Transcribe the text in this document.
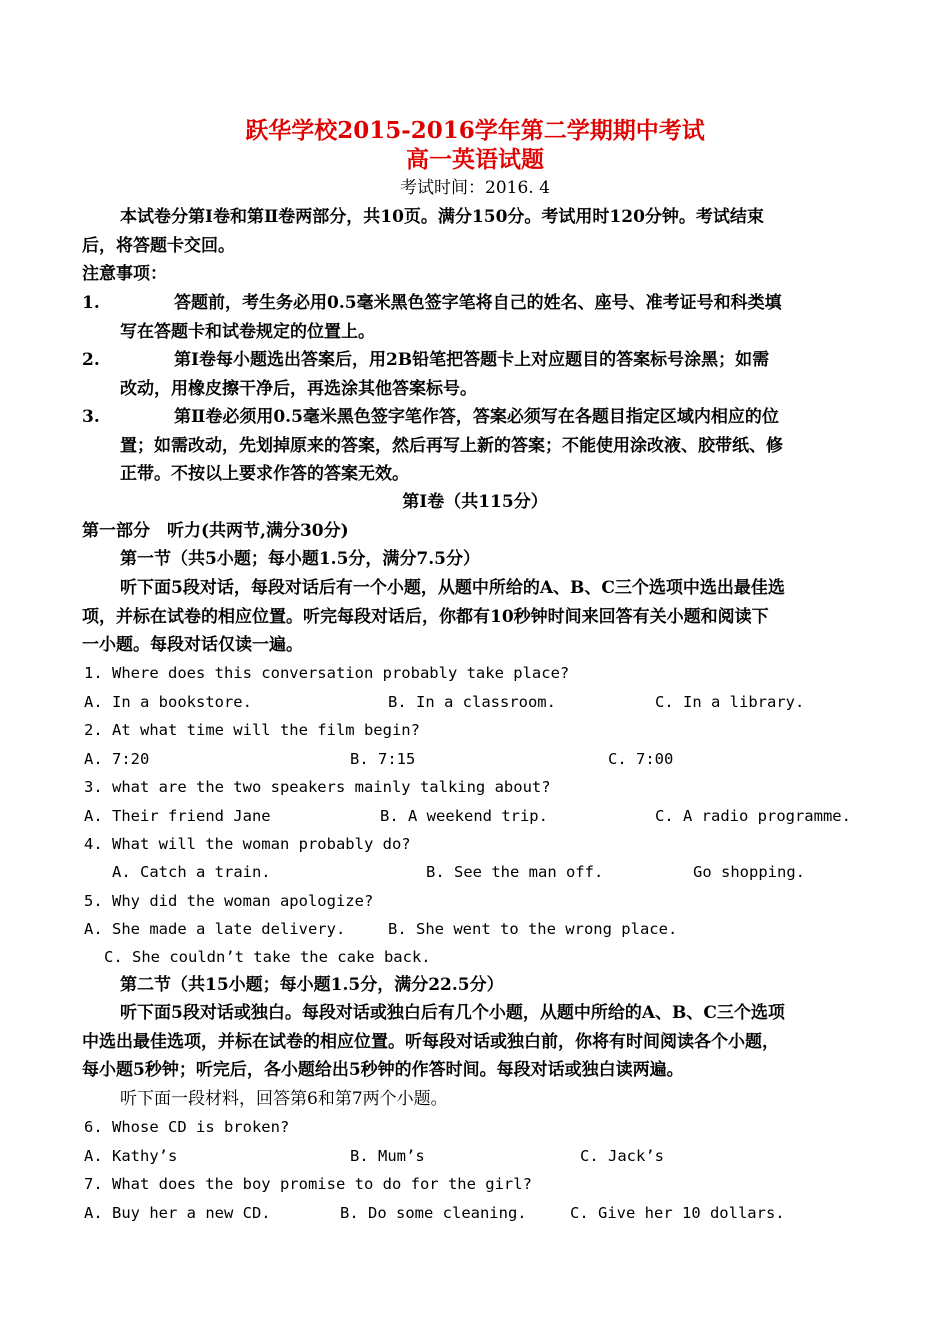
跃华学校2015-2016学年第二学期期中考试
高一英语试题
考试时间：2016. 4
本试卷分第Ⅰ卷和第Ⅱ卷两部分，共10页。满分150分。考试用时120分钟。考试结束
后，将答题卡交回。
注意事项：
1.	答题前，考生务必用0.5毫米黑色签字笔将自己的姓名、座号、准考证号和科类填
写在答题卡和试卷规定的位置上。
2.	第Ⅰ卷每小题选出答案后，用2B铅笔把答题卡上对应题目的答案标号涂黑；如需
改动，用橡皮擦干净后，再选涂其他答案标号。
3.	第Ⅱ卷必须用0.5毫米黑色签字笔作答，答案必须写在各题目指定区域内相应的位
置；如需改动，先划掉原来的答案，然后再写上新的答案；不能使用涂改液、胶带纸、修
正带。不按以上要求作答的答案无效。
第Ⅰ卷（共115分）
第一部分　听力(共两节,满分30分)
第一节（共5小题；每小题1.5分，满分7.5分）
听下面5段对话，每段对话后有一个小题，从题中所给的A、B、C三个选项中选出最佳选
项，并标在试卷的相应位置。听完每段对话后，你都有10秒钟时间来回答有关小题和阅读下
一小题。每段对话仅读一遍。
1. Where does this conversation probably take place?
A. In a bookstore.	B. In a classroom.	C. In a library.
2. At what time will the film begin?
A. 7:20	B. 7:15	C. 7:00
3. what are the two speakers mainly talking about?
A. Their friend Jane	B. A weekend trip.	C. A radio programme.
4. What will the woman probably do?
A. Catch a train.	B. See the man off.	Go shopping.
5. Why did the woman apologize?
A. She made a late delivery.	B. She went to the wrong place.
C. She couldn’t take the cake back.
第二节（共15小题；每小题1.5分，满分22.5分）
听下面5段对话或独白。每段对话或独白后有几个小题，从题中所给的A、B、C三个选项
中选出最佳选项，并标在试卷的相应位置。听每段对话或独白前，你将有时间阅读各个小题，
每小题5秒钟；听完后，各小题给出5秒钟的作答时间。每段对话或独白读两遍。
听下面一段材料，回答第6和第7两个小题。
6. Whose CD is broken?
A. Kathy’s	B. Mum’s	C. Jack’s
7. What does the boy promise to do for the girl?
A. Buy her a new CD.	B. Do some cleaning.	C. Give her 10 dollars.
